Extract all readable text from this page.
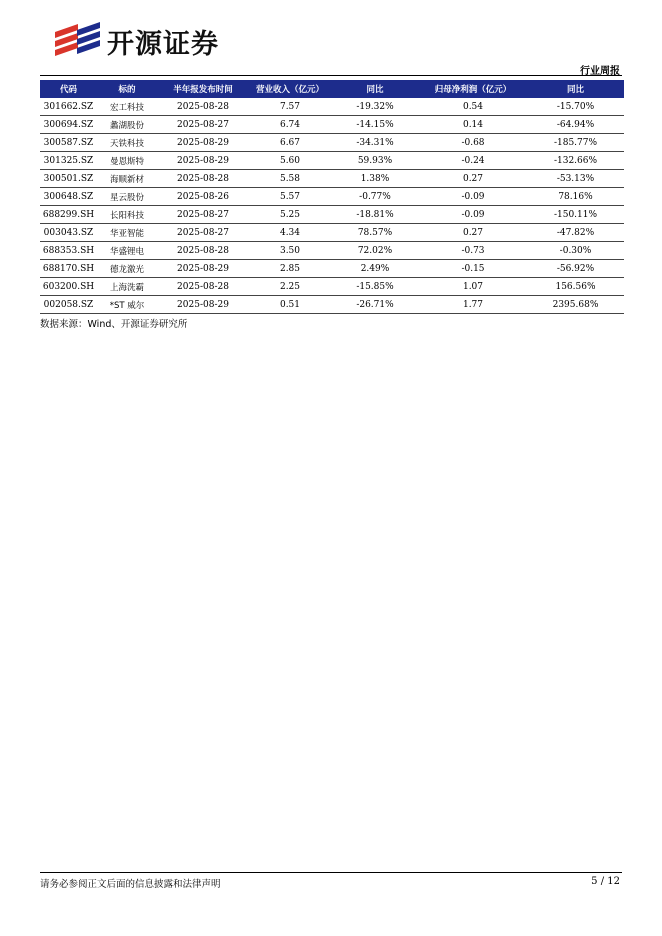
开源证券
行业周报
代码	标的	半年报发布时间	营业收入（亿元）	同比	归母净利润（亿元）	同比
301662.SZ	宏工科技	2025-08-28	7.57	-19.32%	0.54	-15.70%
300694.SZ	蠡湖股份	2025-08-27	6.74	-14.15%	0.14	-64.94%
300587.SZ	天铁科技	2025-08-29	6.67	-34.31%	-0.68	-185.77%
301325.SZ	曼恩斯特	2025-08-29	5.60	59.93%	-0.24	-132.66%
300501.SZ	海顺新材	2025-08-28	5.58	1.38%	0.27	-53.13%
300648.SZ	星云股份	2025-08-26	5.57	-0.77%	-0.09	78.16%
688299.SH	长阳科技	2025-08-27	5.25	-18.81%	-0.09	-150.11%
003043.SZ	华亚智能	2025-08-27	4.34	78.57%	0.27	-47.82%
688353.SH	华盛锂电	2025-08-28	3.50	72.02%	-0.73	-0.30%
688170.SH	德龙激光	2025-08-29	2.85	2.49%	-0.15	-56.92%
603200.SH	上海洗霸	2025-08-28	2.25	-15.85%	1.07	156.56%
002058.SZ	*ST 威尔	2025-08-29	0.51	-26.71%	1.77	2395.68%
数据来源：Wind、开源证券研究所
请务必参阅正文后面的信息披露和法律声明	5 / 12
